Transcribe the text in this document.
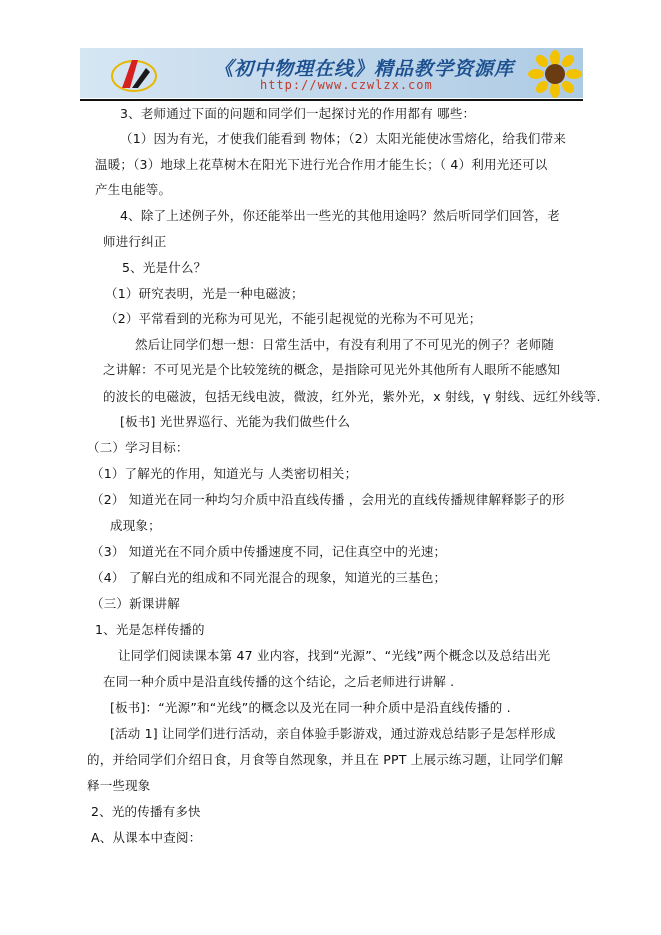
《初中物理在线》精品教学资源库
http://www.czwlzx.com
3、老师通过下面的问题和同学们一起探讨光的作用都有 哪些：
（1）因为有光，才使我们能看到 物体；（2）太阳光能使冰雪熔化，给我们带来
温暖；（3）地球上花草树木在阳光下进行光合作用才能生长；（ 4）利用光还可以
产生电能等。
4、除了上述例子外，你还能举出一些光的其他用途吗？然后听同学们回答，老
师进行纠正
5、光是什么？
（1）研究表明，光是一种电磁波；
（2）平常看到的光称为可见光，不能引起视觉的光称为不可见光；
然后让同学们想一想：日常生活中，有没有利用了不可见光的例子？老师随
之讲解：不可见光是个比较笼统的概念，是指除可见光外其他所有人眼所不能感知
的波长的电磁波，包括无线电波，微波，红外光，紫外光，x 射线，γ 射线、远红外线等.
[板书] 光世界巡行、光能为我们做些什么
（二）学习目标：
（1）了解光的作用，知道光与 人类密切相关；
（2） 知道光在同一种均匀介质中沿直线传播 ，会用光的直线传播规律解释影子的形
成现象；
（3） 知道光在不同介质中传播速度不同，记住真空中的光速；
（4） 了解白光的组成和不同光混合的现象，知道光的三基色；
（三）新课讲解
1、光是怎样传播的
让同学们阅读课本第 47 业内容，找到“光源”、“光线”两个概念以及总结出光
在同一种介质中是沿直线传播的这个结论，之后老师进行讲解 .
[板书]：“光源”和“光线”的概念以及光在同一种介质中是沿直线传播的 .
[活动 1] 让同学们进行活动，亲自体验手影游戏，通过游戏总结影子是怎样形成
的，并给同学们介绍日食，月食等自然现象，并且在 PPT 上展示练习题，让同学们解
释一些现象
2、光的传播有多快
A、从课本中查阅：
